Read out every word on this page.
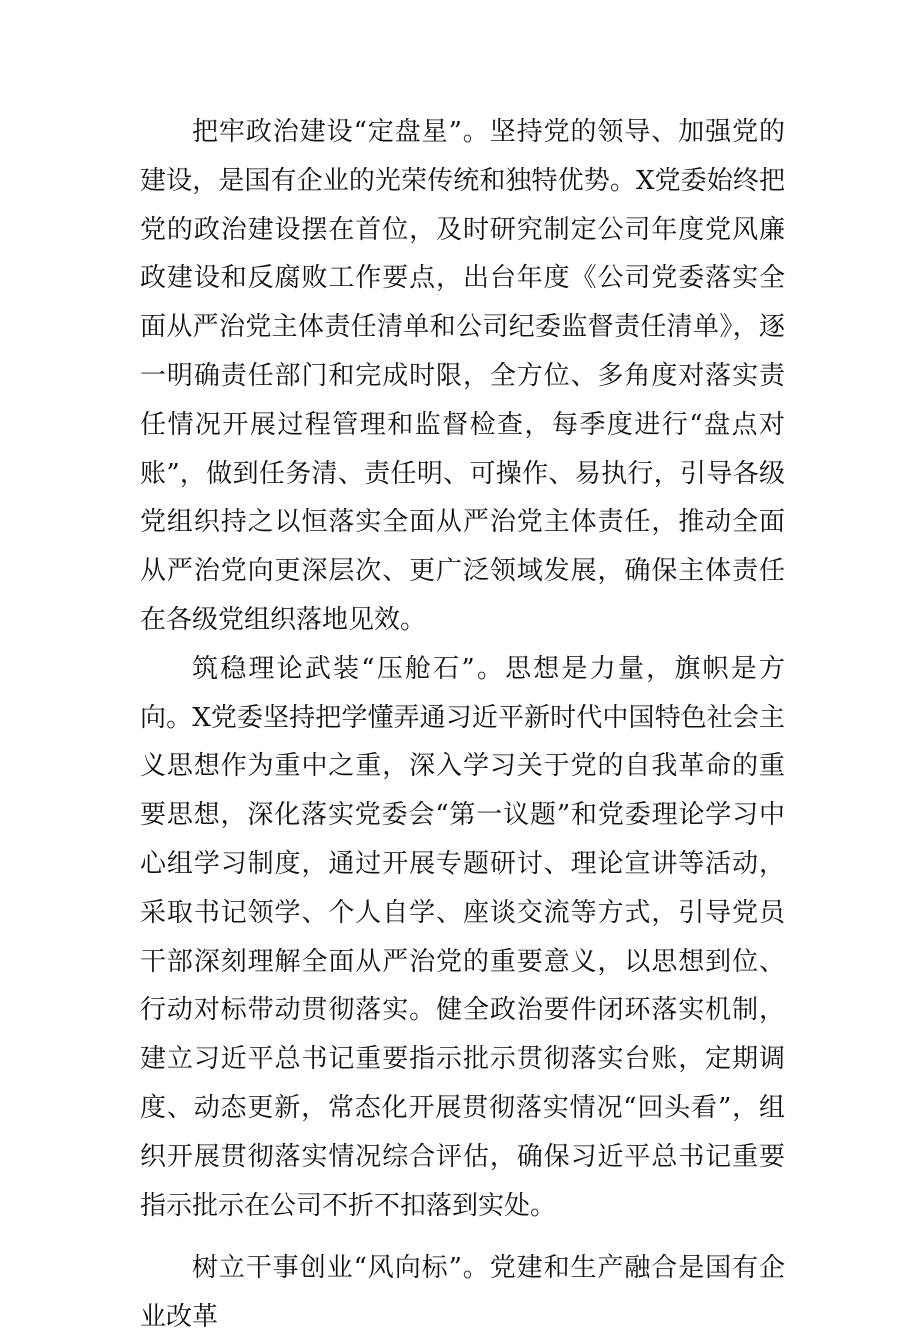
把牢政治建设“定盘星”。坚持党的领导、加强党的建设，是国有企业的光荣传统和独特优势。X党委始终把党的政治建设摆在首位，及时研究制定公司年度党风廉政建设和反腐败工作要点，出台年度《公司党委落实全面从严治党主体责任清单和公司纪委监督责任清单》，逐一明确责任部门和完成时限，全方位、多角度对落实责任情况开展过程管理和监督检查，每季度进行“盘点对账”，做到任务清、责任明、可操作、易执行，引导各级党组织持之以恒落实全面从严治党主体责任，推动全面从严治党向更深层次、更广泛领域发展，确保主体责任在各级党组织落地见效。

筑稳理论武装“压舱石”。思想是力量，旗帜是方向。X党委坚持把学懂弄通习近平新时代中国特色社会主义思想作为重中之重，深入学习关于党的自我革命的重要思想，深化落实党委会“第一议题”和党委理论学习中心组学习制度，通过开展专题研讨、理论宣讲等活动，采取书记领学、个人自学、座谈交流等方式，引导党员干部深刻理解全面从严治党的重要意义，以思想到位、行动对标带动贯彻落实。健全政治要件闭环落实机制，建立习近平总书记重要指示批示贯彻落实台账，定期调度、动态更新，常态化开展贯彻落实情况“回头看”，组织开展贯彻落实情况综合评估，确保习近平总书记重要指示批示在公司不折不扣落到实处。

树立干事创业“风向标”。党建和生产融合是国有企业改革
